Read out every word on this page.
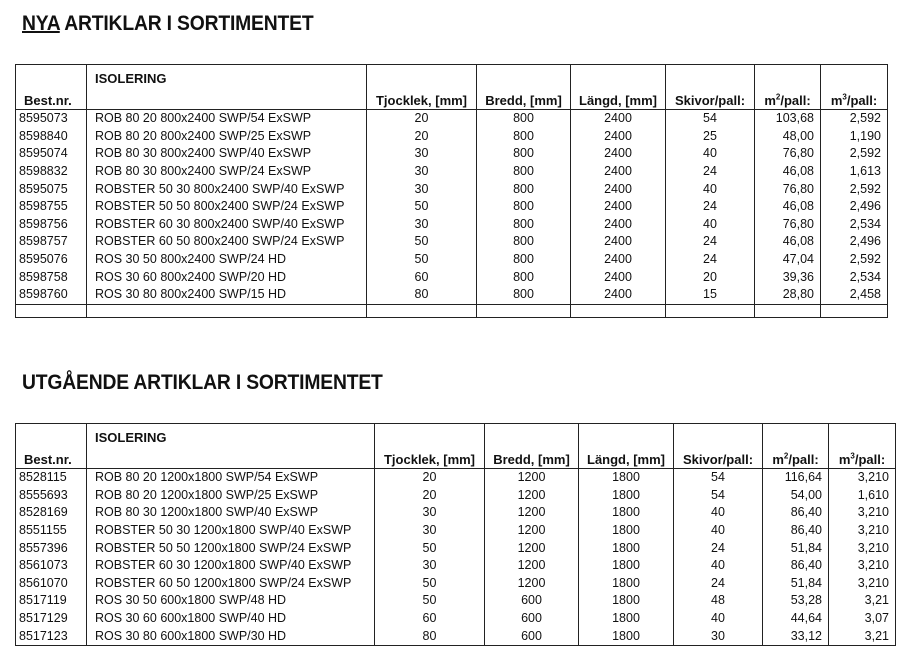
NYA ARTIKLAR I SORTIMENTET
	ISOLERING						
Best.nr.		Tjocklek, [mm]	Bredd, [mm]	Längd, [mm]	Skivor/pall:	$m^2$/pall:	$m^3$/pall:
8595073	ROB 80 20 800x2400 SWP/54 ExSWP	20	800	2400	54	103,68	2,592
8598840	ROB 80 20 800x2400 SWP/25 ExSWP	20	800	2400	25	48,00	1,190
8595074	ROB 80 30 800x2400 SWP/40 ExSWP	30	800	2400	40	76,80	2,592
8598832	ROB 80 30 800x2400 SWP/24 ExSWP	30	800	2400	24	46,08	1,613
8595075	ROBSTER 50 30 800x2400 SWP/40 ExSWP	30	800	2400	40	76,80	2,592
8598755	ROBSTER 50 50 800x2400 SWP/24 ExSWP	50	800	2400	24	46,08	2,496
8598756	ROBSTER 60 30 800x2400 SWP/40 ExSWP	30	800	2400	40	76,80	2,534
8598757	ROBSTER 60 50 800x2400 SWP/24 ExSWP	50	800	2400	24	46,08	2,496
8595076	ROS 30 50 800x2400 SWP/24 HD	50	800	2400	24	47,04	2,592
8598758	ROS 30 60 800x2400 SWP/20 HD	60	800	2400	20	39,36	2,534
8598760	ROS 30 80 800x2400 SWP/15 HD	80	800	2400	15	28,80	2,458

UTGÅENDE ARTIKLAR I SORTIMENTET
	ISOLERING						
Best.nr.		Tjocklek, [mm]	Bredd, [mm]	Längd, [mm]	Skivor/pall:	$m^2$/pall:	$m^3$/pall:
8528115	ROB 80 20 1200x1800 SWP/54 ExSWP	20	1200	1800	54	116,64	3,210
8555693	ROB 80 20 1200x1800 SWP/25 ExSWP	20	1200	1800	54	54,00	1,610
8528169	ROB 80 30 1200x1800 SWP/40 ExSWP	30	1200	1800	40	86,40	3,210
8551155	ROBSTER 50 30 1200x1800 SWP/40 ExSWP	30	1200	1800	40	86,40	3,210
8557396	ROBSTER 50 50 1200x1800 SWP/24 ExSWP	50	1200	1800	24	51,84	3,210
8561073	ROBSTER 60 30 1200x1800 SWP/40 ExSWP	30	1200	1800	40	86,40	3,210
8561070	ROBSTER 60 50 1200x1800 SWP/24 ExSWP	50	1200	1800	24	51,84	3,210
8517119	ROS 30 50 600x1800 SWP/48 HD	50	600	1800	48	53,28	3,21
8517129	ROS 30 60 600x1800 SWP/40 HD	60	600	1800	40	44,64	3,07
8517123	ROS 30 80 600x1800 SWP/30 HD	80	600	1800	30	33,12	3,21
